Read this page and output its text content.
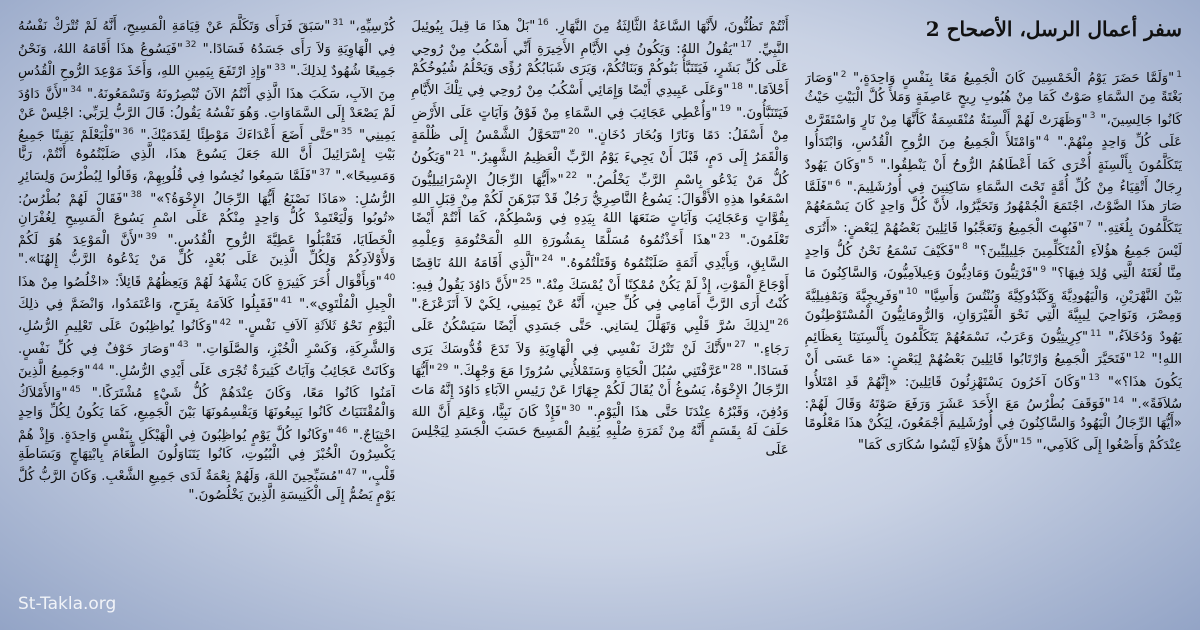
سفر أعمال الرسل، الأصحاح 2
$^1$"وَلَمَّا حَضَرَ يَوْمُ الْخَمْسِينَ كَانَ الْجَمِيعُ مَعًا بِنَفْسٍ وَاحِدَةٍ،" $^2$"وَصَارَ بَغْتَةً مِنَ السَّمَاءِ صَوْتٌ كَمَا مِنْ هُبُوبِ رِيحٍ عَاصِفَةٍ وَمَلأَ كُلَّ الْبَيْتِ حَيْثُ كَانُوا جَالِسِينَ،" $^3$"وَظَهَرَتْ لَهُمْ أَلْسِنَةٌ مُنْقَسِمَةٌ كَأَنَّهَا مِنْ نَارٍ وَاسْتَقَرَّتْ عَلَى كُلِّ وَاحِدٍ مِنْهُمْ." $^4$"وَامْتَلأَ الْجَمِيعُ مِنَ الرُّوحِ الْقُدُسِ، وَابْتَدَأُوا يَتَكَلَّمُونَ بِأَلْسِنَةٍ أُخْرَى كَمَا أَعْطَاهُمُ الرُّوحُ أَنْ يَنْطِقُوا." $^5$"وَكَانَ يَهُودٌ رِجَالٌ أَتْقِيَاءُ مِنْ كُلِّ أُمَّةٍ تَحْتَ السَّمَاءِ سَاكِنِينَ فِي أُورُشَلِيمَ." $^6$"فَلَمَّا صَارَ هذَا الصَّوْتُ، اجْتَمَعَ الْجُمْهُورُ وَتَحَيَّرُوا، لأَنَّ كُلَّ وَاحِدٍ كَانَ يَسْمَعُهُمْ يَتَكَلَّمُونَ بِلُغَتِهِ." $^7$"فَبُهِتَ الْجَمِيعُ وَتَعَجَّبُوا قَائِلِينَ بَعْضُهُمْ لِبَعْضٍ: «أَتُرَى لَيْسَ جَمِيعُ هؤُلاَءِ الْمُتَكَلِّمِينَ جَلِيلِيِّينَ؟" $^8$"فَكَيْفَ نَسْمَعُ نَحْنُ كُلُّ وَاحِدٍ مِنَّا لُغَتَهُ الَّتِي وُلِدَ فِيهَا؟" $^9$"فَرْتِيُّونَ وَمَادِيُّونَ وَعِيلاَمِيُّونَ، وَالسَّاكِنُونَ مَا بَيْنَ النَّهْرَيْنِ، وَالْيَهُودِيَّةَ وَكَبَّدُوكِيَّةَ وَبُنْتُسَ وَأَسِيَّا" $^{10}$"وَفَرِيجِيَّةَ وَبَمْفِيلِيَّةَ وَمِصْرَ، وَنَوَاحِيَ لِيبِيَّةَ الَّتِي نَحْوَ الْقَيْرَوَانِ، وَالرُّومَانِيُّونَ الْمُسْتَوْطِنُونَ يَهُودٌ وَدُخَلاَءُ،" $^{11}$"كِرِيتِيُّونَ وَعَرَبٌ، نَسْمَعُهُمْ يَتَكَلَّمُونَ بِأَلْسِنَتِنَا بِعَظَائِمِ اللهِ!" $^{12}$"فَتَحَيَّرَ الْجَمِيعُ وَارْتَابُوا قَائِلِينَ بَعْضُهُمْ لِبَعْضٍ: «مَا عَسَى أَنْ يَكُونَ هذَا؟»" $^{13}$"وَكَانَ آخَرُونَ يَسْتَهْزِئُونَ قَائِلِينَ: «إِنَّهُمْ قَدِ امْتَلأُوا سُلاَفَةً»." $^{14}$"فَوَقَفَ بُطْرُسُ مَعَ الأَحَدَ عَشَرَ وَرَفَعَ صَوْتَهُ وَقَالَ لَهُمْ: «أَيُّهَا الرِّجَالُ الْيَهُودُ وَالسَّاكِنُونَ فِي أُورُشَلِيمَ أَجْمَعُونَ، لِيَكُنْ هذَا مَعْلُومًا عِنْدَكُمْ وَأَصْغُوا إِلَى كَلاَمِي،" $^{15}$"لأَنَّ هؤُلاَءِ لَيْسُوا سُكَارَى كَمَا"
أَنْتُمْ تَظُنُّونَ، لأَنَّهَا السَّاعَةُ الثَّالِثَةُ مِنَ النَّهَارِ. $^{16}$"بَلْ هذَا مَا قِيلَ بِيُوئِيلَ النَّبِيِّ. $^{17}$"يَقُولُ اللهُ: وَيَكُونُ فِي الأَيَّامِ الأَخِيرَةِ أَنِّي أَسْكُبُ مِنْ رُوحِي عَلَى كُلِّ بَشَرٍ، فَيَتَنَبَّأُ بَنُوكُمْ وَبَنَاتُكُمْ، وَيَرَى شَبَابُكُمْ رُؤًى وَيَحْلُمُ شُيُوخُكُمْ أَحْلاَمًا." $^{18}$"وَعَلَى عَبِيدِي أَيْضًا وَإِمَائِي أَسْكُبُ مِنْ رُوحِي فِي تِلْكَ الأَيَّامِ فَيَتَنَبَّأُونَ." $^{19}$"وَأُعْطِي عَجَائِبَ فِي السَّمَاءِ مِنْ فَوْقُ وَآيَاتٍ عَلَى الأَرْضِ مِنْ أَسْفَلُ: دَمًا وَنَارًا وَبُخَارَ دُخَانٍ." $^{20}$"تَتَحَوَّلُ الشَّمْسُ إِلَى ظُلْمَةٍ وَالْقَمَرُ إِلَى دَمٍ، قَبْلَ أَنْ يَجِيءَ يَوْمُ الرَّبِّ الْعَظِيمُ الشَّهِيرُ." $^{21}$"وَيَكُونُ كُلُّ مَنْ يَدْعُو بِاسْمِ الرَّبِّ يَخْلُصُ." $^{22}$"«أَيُّهَا الرِّجَالُ الإِسْرَائِيلِيُّونَ اسْمَعُوا هذِهِ الأَقْوَالَ: يَسُوعُ النَّاصِرِيُّ رَجُلٌ قَدْ تَبَرْهَنَ لَكُمْ مِنْ قِبَلِ اللهِ بِقُوَّاتٍ وَعَجَائِبَ وَآيَاتٍ صَنَعَهَا اللهُ بِيَدِهِ فِي وَسْطِكُمْ، كَمَا أَنْتُمْ أَيْضًا تَعْلَمُونَ." $^{23}$"هذَا أَخَذْتُمُوهُ مُسَلَّمًا بِمَشُورَةِ اللهِ الْمَحْتُومَةِ وَعِلْمِهِ السَّابِقِ، وَبِأَيْدِي أَثَمَةٍ صَلَبْتُمُوهُ وَقَتَلْتُمُوهُ." $^{24}$"اَلَّذِي أَقَامَهُ اللهُ نَاقِضًا أَوْجَاعَ الْمَوْتِ، إِذْ لَمْ يَكُنْ مُمْكِنًا أَنْ يُمْسَكَ مِنْهُ." $^{25}$"لأَنَّ دَاوُدَ يَقُولُ فِيهِ: كُنْتُ أَرَى الرَّبَّ أَمَامِي فِي كُلِّ حِينٍ، أَنَّهُ عَنْ يَمِينِي، لِكَيْ لاَ أَتَزَعْزَعَ." $^{26}$"لِذلِكَ سُرَّ قَلْبِي وَتَهَلَّلَ لِسَانِي. حَتَّى جَسَدِي أَيْضًا سَيَسْكُنُ عَلَى رَجَاءٍ." $^{27}$"لأَنَّكَ لَنْ تَتْرُكَ نَفْسِي فِي الْهَاوِيَةِ وَلاَ تَدَعَ قُدُّوسَكَ يَرَى فَسَادًا." $^{28}$"عَرَّفْتَنِي سُبُلَ الْحَيَاةِ وَسَتَمْلأُنِي سُرُورًا مَعَ وَجْهِكَ." $^{29}$"أَيُّهَا الرِّجَالُ الإِخْوَةُ، يَسُوغُ أَنْ يُقَالَ لَكُمْ جِهَارًا عَنْ رَئِيسِ الآبَاءِ دَاوُدَ إِنَّهُ مَاتَ وَدُفِنَ، وَقَبْرُهُ عِنْدَنَا حَتَّى هذَا الْيَوْمِ." $^{30}$"فَإِذْ كَانَ نَبِيًّا، وَعَلِمَ أَنَّ اللهَ حَلَفَ لَهُ بِقَسَمٍ أَنَّهُ مِنْ ثَمَرَةِ صُلْبِهِ يُقِيمُ الْمَسِيحَ حَسَبَ الْجَسَدِ لِيَجْلِسَ عَلَى
كُرْسِيِّهِ،" $^{31}$"سَبَقَ فَرَأَى وَتَكَلَّمَ عَنْ قِيَامَةِ الْمَسِيحِ، أَنَّهُ لَمْ تُتْرَكْ نَفْسُهُ فِي الْهَاوِيَةِ وَلاَ رَأَى جَسَدُهُ فَسَادًا." $^{32}$"فَيَسُوعُ هذَا أَقَامَهُ اللهُ، وَنَحْنُ جَمِيعًا شُهُودٌ لِذلِكَ." $^{33}$"وَإِذِ ارْتَفَعَ بِيَمِينِ اللهِ، وَأَخَذَ مَوْعِدَ الرُّوحِ الْقُدُسِ مِنَ الآبِ، سَكَبَ هذَا الَّذِي أَنْتُمُ الآنَ تُبْصِرُونَهُ وَتَسْمَعُونَهُ." $^{34}$"لأَنَّ دَاوُدَ لَمْ يَصْعَدْ إِلَى السَّمَاوَاتِ. وَهُوَ نَفْسُهُ يَقُولُ: قَالَ الرَّبُّ لِرَبِّي: اجْلِسْ عَنْ يَمِينِي" $^{35}$"حَتَّى أَضَعَ أَعْدَاءَكَ مَوْطِئًا لِقَدَمَيْكَ." $^{36}$"فَلْيَعْلَمْ يَقِينًا جَمِيعُ بَيْتِ إِسْرَائِيلَ أَنَّ اللهَ جَعَلَ يَسُوعَ هذَا، الَّذِي صَلَبْتُمُوهُ أَنْتُمْ، رَبًّا وَمَسِيحًا»." $^{37}$"فَلَمَّا سَمِعُوا نُخِسُوا فِي قُلُوبِهِمْ، وَقَالُوا لِبُطْرُسَ وَلِسَائِرِ الرُّسُلِ: «مَاذَا نَصْنَعُ أَيُّهَا الرِّجَالُ الإِخْوَةُ؟»" $^{38}$"فَقَالَ لَهُمْ بُطْرُسُ: «تُوبُوا وَلْيَعْتَمِدْ كُلُّ وَاحِدٍ مِنْكُمْ عَلَى اسْمِ يَسُوعَ الْمَسِيحِ لِغُفْرَانِ الْخَطَايَا، فَتَقْبَلُوا عَطِيَّةَ الرُّوحِ الْقُدُسِ." $^{39}$"لأَنَّ الْمَوْعِدَ هُوَ لَكُمْ وَلأَوْلاَدِكُمْ وَلِكُلِّ الَّذِينَ عَلَى بُعْدٍ، كُلِّ مَنْ يَدْعُوهُ الرَّبُّ إِلهُنَا»." $^{40}$"وَبِأَقْوَال أُخَرَ كَثِيرَةٍ كَانَ يَشْهَدُ لَهُمْ وَيَعِظُهُمْ قَائِلاً: «اخْلُصُوا مِنْ هذَا الْجِيلِ الْمُلْتَوِي»." $^{41}$"فَقَبِلُوا كَلاَمَهُ بِفَرَحٍ، وَاعْتَمَدُوا، وَانْضَمَّ فِي ذلِكَ الْيَوْمِ نَحْوُ ثَلاَثَةِ آلاَفِ نَفْسٍ." $^{42}$"وَكَانُوا يُواظِبُونَ عَلَى تَعْلِيمِ الرُّسُلِ، وَالشَّرِكَةِ، وَكَسْرِ الْخُبْزِ، وَالصَّلَوَاتِ." $^{43}$"وَصَارَ خَوْفٌ فِي كُلِّ نَفْسٍ. وَكَانَتْ عَجَائِبُ وَآيَاتٌ كَثِيرَةٌ تُجْرَى عَلَى أَيْدِي الرُّسُلِ." $^{44}$"وَجَمِيعُ الَّذِينَ آمَنُوا كَانُوا مَعًا، وَكَانَ عِنْدَهُمْ كُلُّ شَيْءٍ مُشْتَرَكًا." $^{45}$"وَالأَمْلاَكُ وَالْمُقْتَنَيَاتُ كَانُوا يَبِيعُونَهَا وَيَقْسِمُونَهَا بَيْنَ الْجَمِيعِ، كَمَا يَكُونُ لِكُلِّ وَاحِدٍ احْتِيَاجٌ." $^{46}$"وَكَانُوا كُلَّ يَوْمٍ يُواظِبُونَ فِي الْهَيْكَلِ بِنَفْسٍ وَاحِدَةٍ. وَإِذْ هُمْ يَكْسِرُونَ الْخُبْزَ فِي الْبُيُوتِ، كَانُوا يَتَنَاوَلُونَ الطَّعَامَ بِابْتِهَاجٍ وَبَسَاطَةِ قَلْبٍ،" $^{47}$"مُسَبِّحِينَ اللهَ، وَلَهُمْ نِعْمَةٌ لَدَى جَمِيعِ الشَّعْبِ. وَكَانَ الرَّبُّ كُلَّ يَوْمٍ يَضُمُّ إِلَى الْكَنِيسَةِ الَّذِينَ يَخْلُصُونَ."
St-Takla.org
